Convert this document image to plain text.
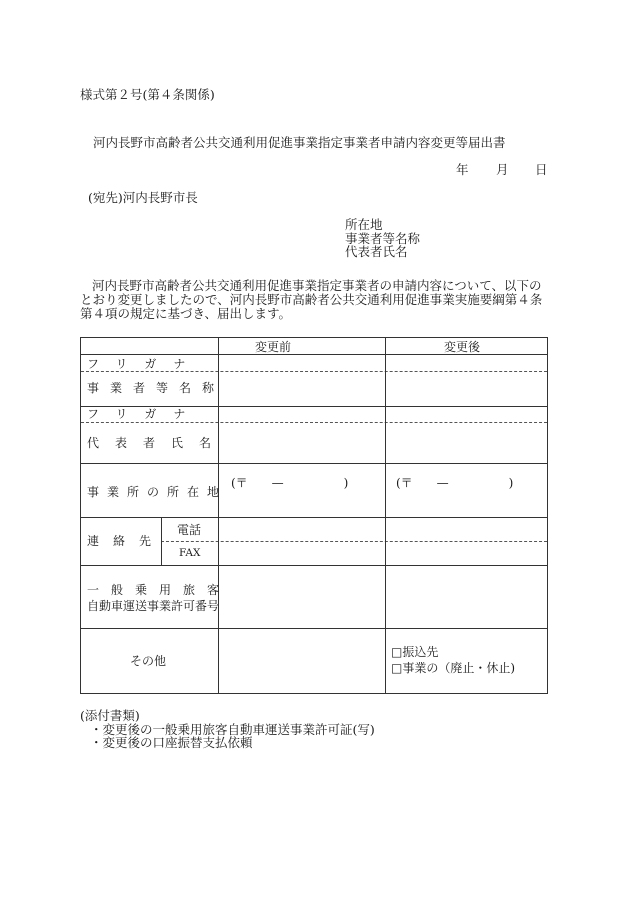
様式第２号(第４条関係)
河内長野市高齢者公共交通利用促進事業指定事業者申請内容変更等届出書
年 月 日
(宛先)河内長野市長
所在地
事業者等名称
代表者氏名
河内長野市高齢者公共交通利用促進事業指定事業者の申請内容について、以下のとおり変更しましたので、河内長野市高齢者公共交通利用促進事業実施要綱第４条第４項の規定に基づき、届出します。
変更前	変更後
フリガナ
事業者等名称
フリガナ
代表者氏名
事業所の所在地
(〒　　—　　　　　)	(〒　　—　　　　　)
連絡先
電話
FAX
一般乗用旅客
自動車運送事業許可番号
その他
□振込先
□事業の（廃止・休止)
(添付書類)
・変更後の一般乗用旅客自動車運送事業許可証(写)
・変更後の口座振替支払依頼
